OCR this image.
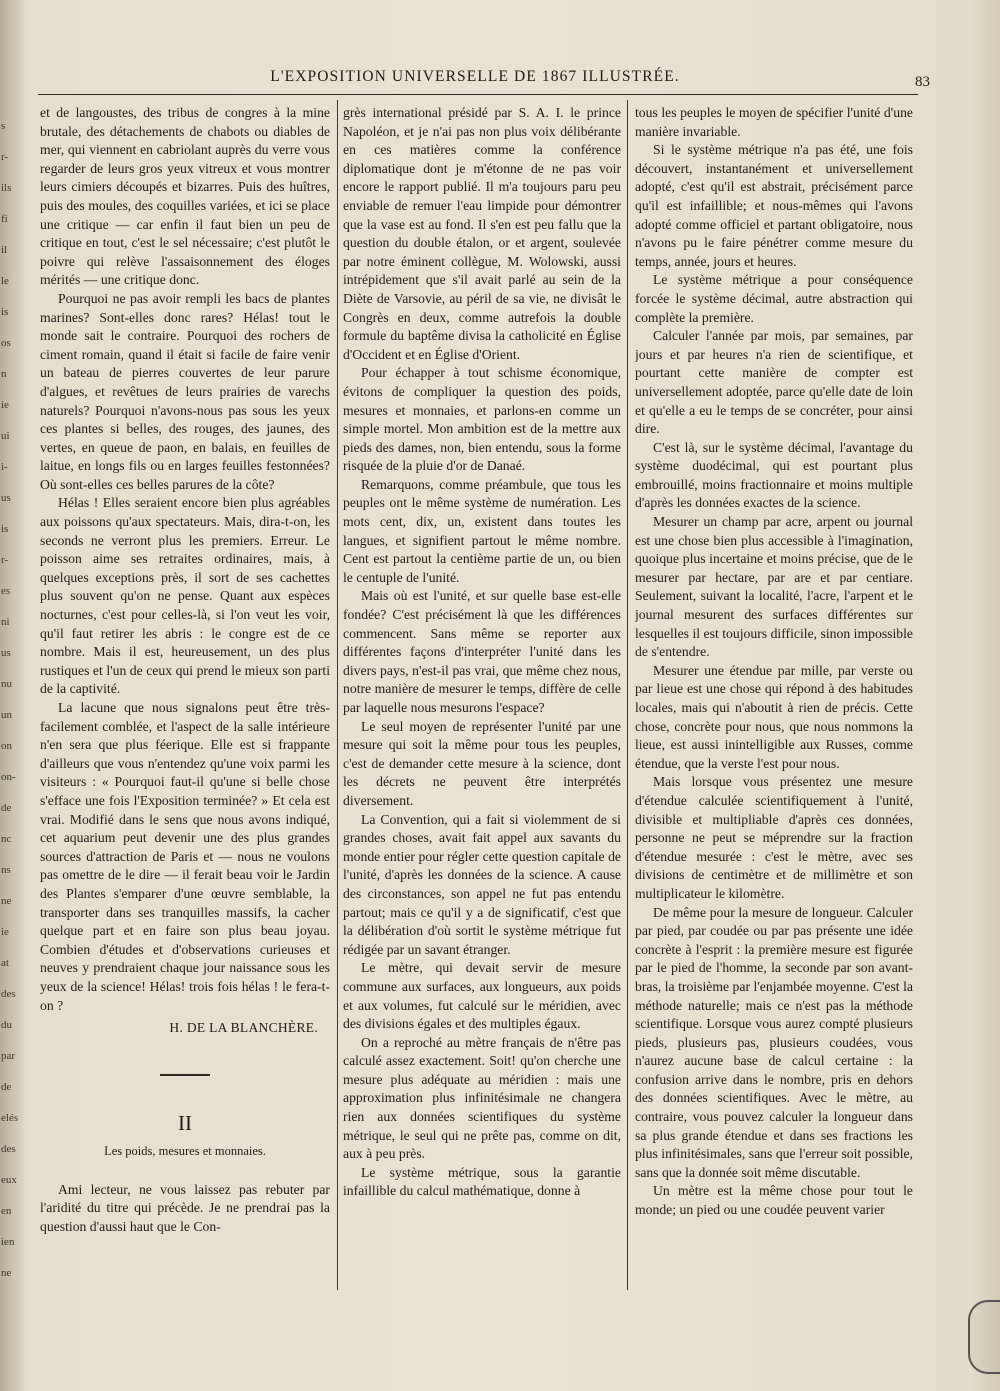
s
r-
ils
fi
il
le
is
os
n
ie
ui
i-
us
is
r-
es
ni
us
nu
un
on
on-
de
nc
ns
ne
ie
at
des
du
par
de
elés
des
eux
en
ien
ne
L'EXPOSITION UNIVERSELLE DE 1867 ILLUSTRÉE.	83

et de langoustes, des tribus de congres à la mine brutale, des détachements de chabots ou diables de mer, qui viennent en cabriolant auprès du verre vous regarder de leurs gros yeux vitreux et vous montrer leurs cimiers découpés et bizarres. Puis des huîtres, puis des moules, des coquilles variées, et ici se place une critique — car enfin il faut bien un peu de critique en tout, c'est le sel nécessaire; c'est plutôt le poivre qui relève l'assaisonnement des éloges mérités — une critique donc.

Pourquoi ne pas avoir rempli les bacs de plantes marines? Sont-elles donc rares? Hélas! tout le monde sait le contraire. Pourquoi des rochers de ciment romain, quand il était si facile de faire venir un bateau de pierres couvertes de leur parure d'algues, et revêtues de leurs prairies de varechs naturels? Pourquoi n'avons-nous pas sous les yeux ces plantes si belles, des rouges, des jaunes, des vertes, en queue de paon, en balais, en feuilles de laitue, en longs fils ou en larges feuilles festonnées? Où sont-elles ces belles parures de la côte?

Hélas ! Elles seraient encore bien plus agréables aux poissons qu'aux spectateurs. Mais, dira-t-on, les seconds ne verront plus les premiers. Erreur. Le poisson aime ses retraites ordinaires, mais, à quelques exceptions près, il sort de ses cachettes plus souvent qu'on ne pense. Quant aux espèces nocturnes, c'est pour celles-là, si l'on veut les voir, qu'il faut retirer les abris : le congre est de ce nombre. Mais il est, heureusement, un des plus rustiques et l'un de ceux qui prend le mieux son parti de la captivité.

La lacune que nous signalons peut être très-facilement comblée, et l'aspect de la salle intérieure n'en sera que plus féerique. Elle est si frappante d'ailleurs que vous n'entendez qu'une voix parmi les visiteurs : « Pourquoi faut-il qu'une si belle chose s'efface une fois l'Exposition terminée? » Et cela est vrai. Modifié dans le sens que nous avons indiqué, cet aquarium peut devenir une des plus grandes sources d'attraction de Paris et — nous ne voulons pas omettre de le dire — il ferait beau voir le Jardin des Plantes s'emparer d'une œuvre semblable, la transporter dans ses tranquilles massifs, la cacher quelque part et en faire son plus beau joyau. Combien d'études et d'observations curieuses et neuves y prendraient chaque jour naissance sous les yeux de la science! Hélas! trois fois hélas ! le fera-t-on ?

H. DE LA BLANCHÈRE.
II
Les poids, mesures et monnaies.

Ami lecteur, ne vous laissez pas rebuter par l'aridité du titre qui précède. Je ne prendrai pas la question d'aussi haut que le Con-

grès international présidé par S. A. I. le prince Napoléon, et je n'ai pas non plus voix délibérante en ces matières comme la conférence diplomatique dont je m'étonne de ne pas voir encore le rapport publié. Il m'a toujours paru peu enviable de remuer l'eau limpide pour démontrer que la vase est au fond. Il s'en est peu fallu que la question du double étalon, or et argent, soulevée par notre éminent collègue, M. Wolowski, aussi intrépidement que s'il avait parlé au sein de la Diète de Varsovie, au péril de sa vie, ne divisât le Congrès en deux, comme autrefois la double formule du baptême divisa la catholicité en Église d'Occident et en Église d'Orient.

Pour échapper à tout schisme économique, évitons de compliquer la question des poids, mesures et monnaies, et parlons-en comme un simple mortel. Mon ambition est de la mettre aux pieds des dames, non, bien entendu, sous la forme risquée de la pluie d'or de Danaé.

Remarquons, comme préambule, que tous les peuples ont le même système de numération. Les mots cent, dix, un, existent dans toutes les langues, et signifient partout le même nombre. Cent est partout la centième partie de un, ou bien le centuple de l'unité.

Mais où est l'unité, et sur quelle base est-elle fondée? C'est précisément là que les différences commencent. Sans même se reporter aux différentes façons d'interpréter l'unité dans les divers pays, n'est-il pas vrai, que même chez nous, notre manière de mesurer le temps, diffère de celle par laquelle nous mesurons l'espace?

Le seul moyen de représenter l'unité par une mesure qui soit la même pour tous les peuples, c'est de demander cette mesure à la science, dont les décrets ne peuvent être interprétés diversement.

La Convention, qui a fait si violemment de si grandes choses, avait fait appel aux savants du monde entier pour régler cette question capitale de l'unité, d'après les données de la science. A cause des circonstances, son appel ne fut pas entendu partout; mais ce qu'il y a de significatif, c'est que la délibération d'où sortit le système métrique fut rédigée par un savant étranger.

Le mètre, qui devait servir de mesure commune aux surfaces, aux longueurs, aux poids et aux volumes, fut calculé sur le méridien, avec des divisions égales et des multiples égaux.

On a reproché au mètre français de n'être pas calculé assez exactement. Soit! qu'on cherche une mesure plus adéquate au méridien : mais une approximation plus infinitésimale ne changera rien aux données scientifiques du système métrique, le seul qui ne prête pas, comme on dit, aux à peu près.

Le système métrique, sous la garantie infaillible du calcul mathématique, donne à

tous les peuples le moyen de spécifier l'unité d'une manière invariable.

Si le système métrique n'a pas été, une fois découvert, instantanément et universellement adopté, c'est qu'il est abstrait, précisément parce qu'il est infaillible; et nous-mêmes qui l'avons adopté comme officiel et partant obligatoire, nous n'avons pu le faire pénétrer comme mesure du temps, année, jours et heures.

Le système métrique a pour conséquence forcée le système décimal, autre abstraction qui complète la première.

Calculer l'année par mois, par semaines, par jours et par heures n'a rien de scientifique, et pourtant cette manière de compter est universellement adoptée, parce qu'elle date de loin et qu'elle a eu le temps de se concréter, pour ainsi dire.

C'est là, sur le système décimal, l'avantage du système duodécimal, qui est pourtant plus embrouillé, moins fractionnaire et moins multiple d'après les données exactes de la science.

Mesurer un champ par acre, arpent ou journal est une chose bien plus accessible à l'imagination, quoique plus incertaine et moins précise, que de le mesurer par hectare, par are et par centiare. Seulement, suivant la localité, l'acre, l'arpent et le journal mesurent des surfaces différentes sur lesquelles il est toujours difficile, sinon impossible de s'entendre.

Mesurer une étendue par mille, par verste ou par lieue est une chose qui répond à des habitudes locales, mais qui n'aboutit à rien de précis. Cette chose, concrète pour nous, que nous nommons la lieue, est aussi inintelligible aux Russes, comme étendue, que la verste l'est pour nous.

Mais lorsque vous présentez une mesure d'étendue calculée scientifiquement à l'unité, divisible et multipliable d'après ces données, personne ne peut se méprendre sur la fraction d'étendue mesurée : c'est le mètre, avec ses divisions de centimètre et de millimètre et son multiplicateur le kilomètre.

De même pour la mesure de longueur. Calculer par pied, par coudée ou par pas présente une idée concrète à l'esprit : la première mesure est figurée par le pied de l'homme, la seconde par son avant-bras, la troisième par l'enjambée moyenne. C'est la méthode naturelle; mais ce n'est pas la méthode scientifique. Lorsque vous aurez compté plusieurs pieds, plusieurs pas, plusieurs coudées, vous n'aurez aucune base de calcul certaine : la confusion arrive dans le nombre, pris en dehors des données scientifiques. Avec le mètre, au contraire, vous pouvez calculer la longueur dans sa plus grande étendue et dans ses fractions les plus infinitésimales, sans que l'erreur soit possible, sans que la donnée soit même discutable.

Un mètre est la même chose pour tout le monde; un pied ou une coudée peuvent varier
